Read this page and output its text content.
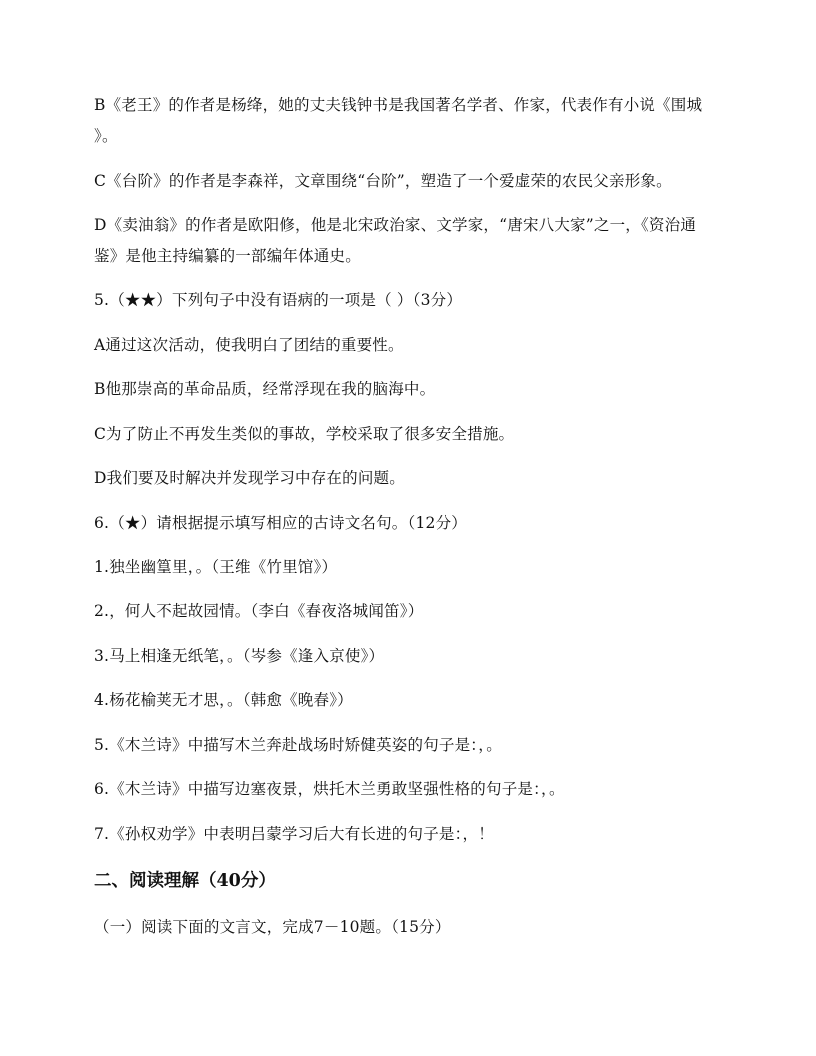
B《老王》的作者是杨绛，她的丈夫钱钟书是我国著名学者、作家，代表作有小说《围城
》。
C《台阶》的作者是李森祥，文章围绕“台阶”，塑造了一个爱虚荣的农民父亲形象。
D《卖油翁》的作者是欧阳修，他是北宋政治家、文学家，“唐宋八大家”之一，《资治通
鉴》是他主持编纂的一部编年体通史。
5.（★★）下列句子中没有语病的一项是（ ）（3分）
A通过这次活动，使我明白了团结的重要性。
B他那崇高的革命品质，经常浮现在我的脑海中。
C为了防止不再发生类似的事故，学校采取了很多安全措施。
D我们要及时解决并发现学习中存在的问题。
6.（★）请根据提示填写相应的古诗文名句。（12分）
1.独坐幽篁里，。（王维《竹里馆》）
2.，何人不起故园情。（李白《春夜洛城闻笛》）
3.马上相逢无纸笔，。（岑参《逢入京使》）
4.杨花榆荚无才思，。（韩愈《晚春》）
5.《木兰诗》中描写木兰奔赴战场时矫健英姿的句子是：，。
6.《木兰诗》中描写边塞夜景，烘托木兰勇敢坚强性格的句子是：，。
7.《孙权劝学》中表明吕蒙学习后大有长进的句子是：，！
二、阅读理解（40分）
（一）阅读下面的文言文，完成7－10题。（15分）
